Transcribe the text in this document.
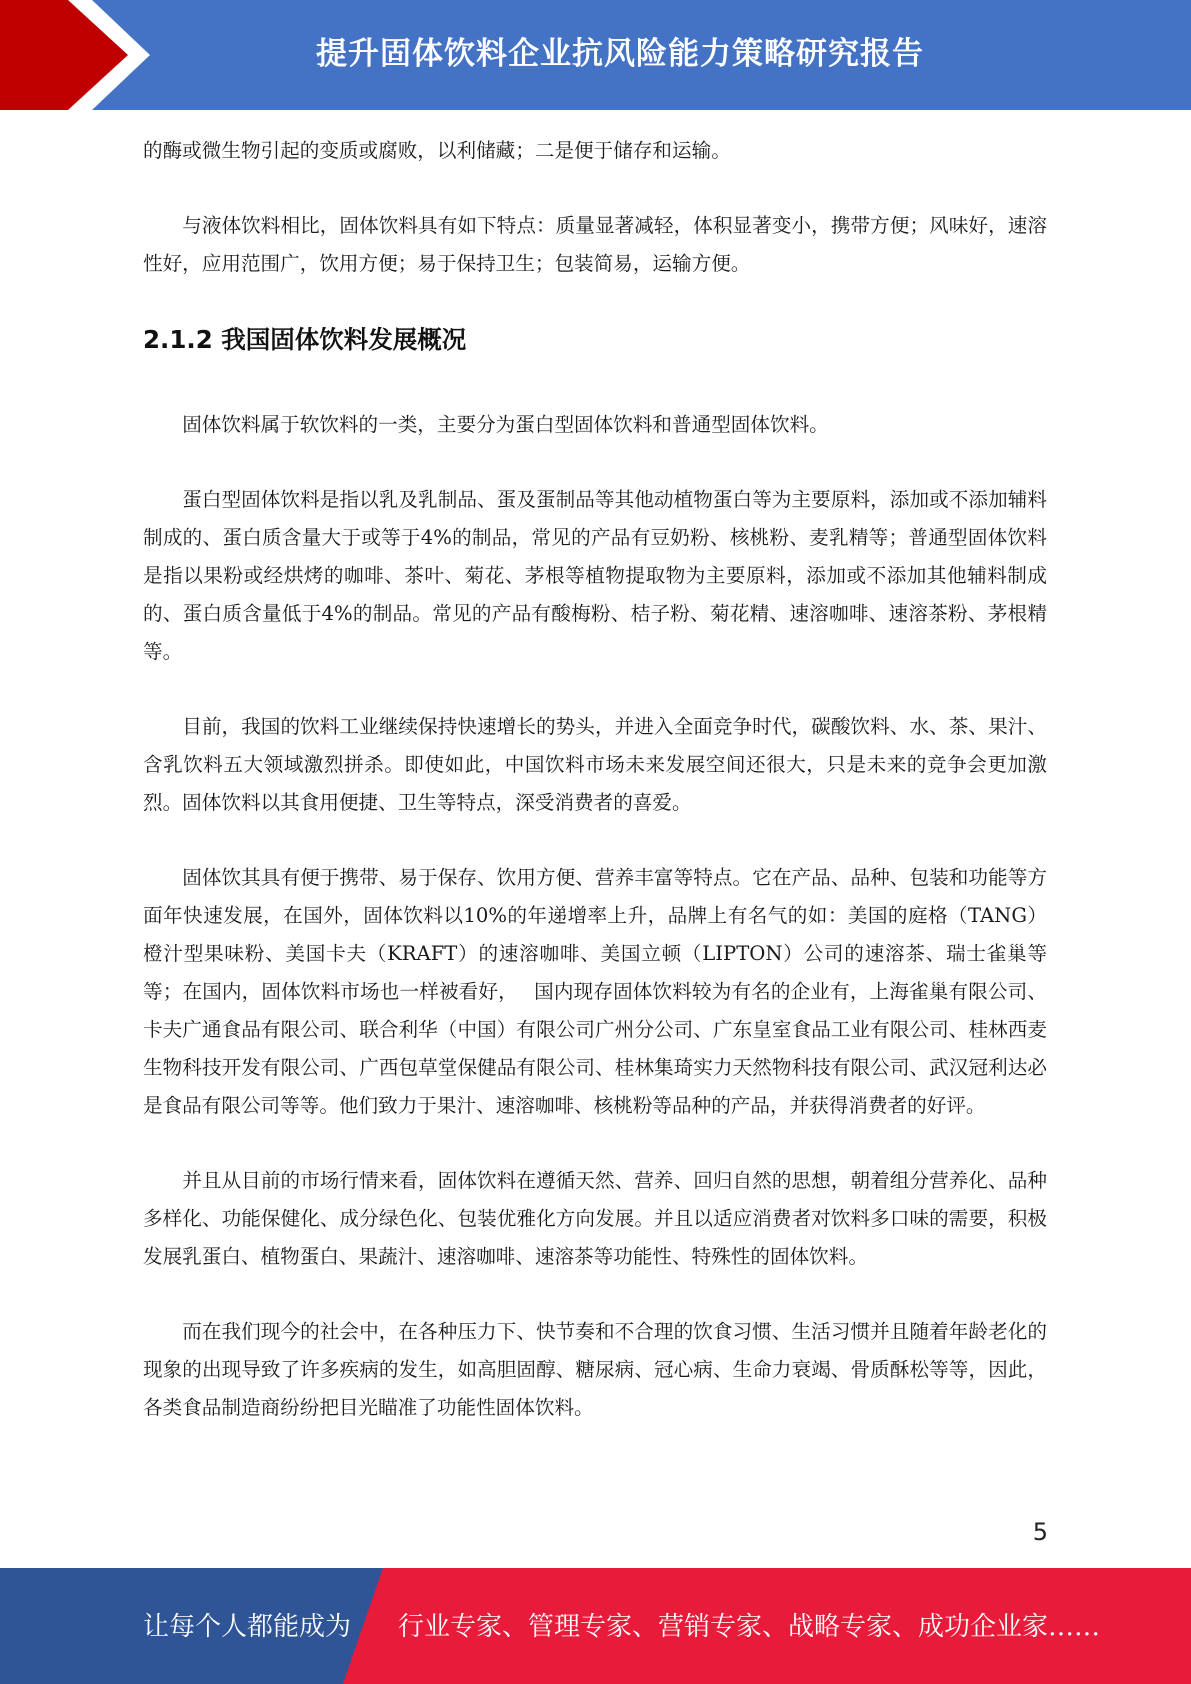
提升固体饮料企业抗风险能力策略研究报告

的酶或微生物引起的变质或腐败，以利储藏；二是便于储存和运输。

与液体饮料相比，固体饮料具有如下特点：质量显著减轻，体积显著变小，携带方便；风味好，速溶性好，应用范围广，饮用方便；易于保持卫生；包装简易，运输方便。

2.1.2 我国固体饮料发展概况

固体饮料属于软饮料的一类，主要分为蛋白型固体饮料和普通型固体饮料。

蛋白型固体饮料是指以乳及乳制品、蛋及蛋制品等其他动植物蛋白等为主要原料，添加或不添加辅料制成的、蛋白质含量大于或等于4%的制品，常见的产品有豆奶粉、核桃粉、麦乳精等；普通型固体饮料是指以果粉或经烘烤的咖啡、茶叶、菊花、茅根等植物提取物为主要原料，添加或不添加其他辅料制成的、蛋白质含量低于4%的制品。常见的产品有酸梅粉、桔子粉、菊花精、速溶咖啡、速溶茶粉、茅根精等。

目前，我国的饮料工业继续保持快速增长的势头，并进入全面竞争时代，碳酸饮料、水、茶、果汁、含乳饮料五大领域激烈拼杀。即使如此，中国饮料市场未来发展空间还很大，只是未来的竞争会更加激烈。固体饮料以其食用便捷、卫生等特点，深受消费者的喜爱。

固体饮其具有便于携带、易于保存、饮用方便、营养丰富等特点。它在产品、品种、包装和功能等方面年快速发展，在国外，固体饮料以10%的年递增率上升，品牌上有名气的如：美国的庭格（TANG）橙汁型果味粉、美国卡夫（KRAFT）的速溶咖啡、美国立顿（LIPTON）公司的速溶茶、瑞士雀巢等等；在国内，固体饮料市场也一样被看好，　 国内现存固体饮料较为有名的企业有，上海雀巢有限公司、卡夫广通食品有限公司、联合利华（中国）有限公司广州分公司、广东皇室食品工业有限公司、桂林西麦生物科技开发有限公司、广西包草堂保健品有限公司、桂林集琦实力天然物科技有限公司、武汉冠利达必是食品有限公司等等。他们致力于果汁、速溶咖啡、核桃粉等品种的产品，并获得消费者的好评。

并且从目前的市场行情来看，固体饮料在遵循天然、营养、回归自然的思想，朝着组分营养化、品种多样化、功能保健化、成分绿色化、包装优雅化方向发展。并且以适应消费者对饮料多口味的需要，积极发展乳蛋白、植物蛋白、果蔬汁、速溶咖啡、速溶茶等功能性、特殊性的固体饮料。

而在我们现今的社会中，在各种压力下、快节奏和不合理的饮食习惯、生活习惯并且随着年龄老化的现象的出现导致了许多疾病的发生，如高胆固醇、糖尿病、冠心病、生命力衰竭、骨质酥松等等，因此，各类食品制造商纷纷把目光瞄准了功能性固体饮料。

5
让每个人都能成为 行业专家、管理专家、营销专家、战略专家、成功企业家……
